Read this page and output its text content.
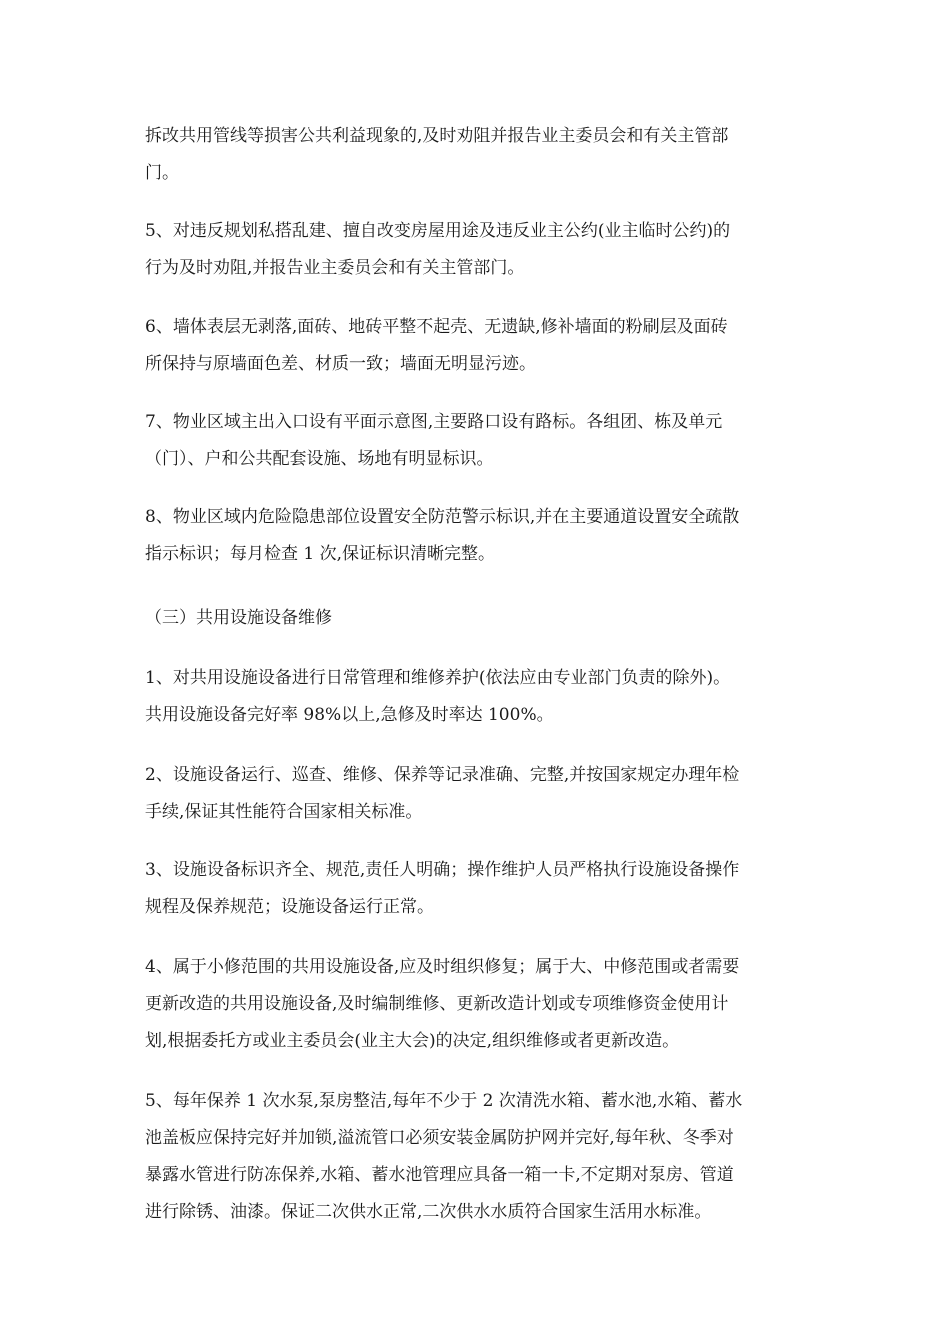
拆改共用管线等损害公共利益现象的,及时劝阻并报告业主委员会和有关主管部
门。

5、对违反规划私搭乱建、擅自改变房屋用途及违反业主公约(业主临时公约)的
行为及时劝阻,并报告业主委员会和有关主管部门。

6、墙体表层无剥落,面砖、地砖平整不起壳、无遗缺,修补墙面的粉刷层及面砖
所保持与原墙面色差、材质一致；墙面无明显污迹。

7、物业区域主出入口设有平面示意图,主要路口设有路标。各组团、栋及单元
（门）、户和公共配套设施、场地有明显标识。

8、物业区域内危险隐患部位设置安全防范警示标识,并在主要通道设置安全疏散
指示标识；每月检查 1 次,保证标识清晰完整。

（三）共用设施设备维修

1、对共用设施设备进行日常管理和维修养护(依法应由专业部门负责的除外)。
共用设施设备完好率 98%以上,急修及时率达 100%。

2、设施设备运行、巡查、维修、保养等记录准确、完整,并按国家规定办理年检
手续,保证其性能符合国家相关标准。

3、设施设备标识齐全、规范,责任人明确；操作维护人员严格执行设施设备操作
规程及保养规范；设施设备运行正常。

4、属于小修范围的共用设施设备,应及时组织修复；属于大、中修范围或者需要
更新改造的共用设施设备,及时编制维修、更新改造计划或专项维修资金使用计
划,根据委托方或业主委员会(业主大会)的决定,组织维修或者更新改造。

5、每年保养 1 次水泵,泵房整洁,每年不少于 2 次清洗水箱、蓄水池,水箱、蓄水
池盖板应保持完好并加锁,溢流管口必须安装金属防护网并完好,每年秋、冬季对
暴露水管进行防冻保养,水箱、蓄水池管理应具备一箱一卡,不定期对泵房、管道
进行除锈、油漆。保证二次供水正常,二次供水水质符合国家生活用水标准。
